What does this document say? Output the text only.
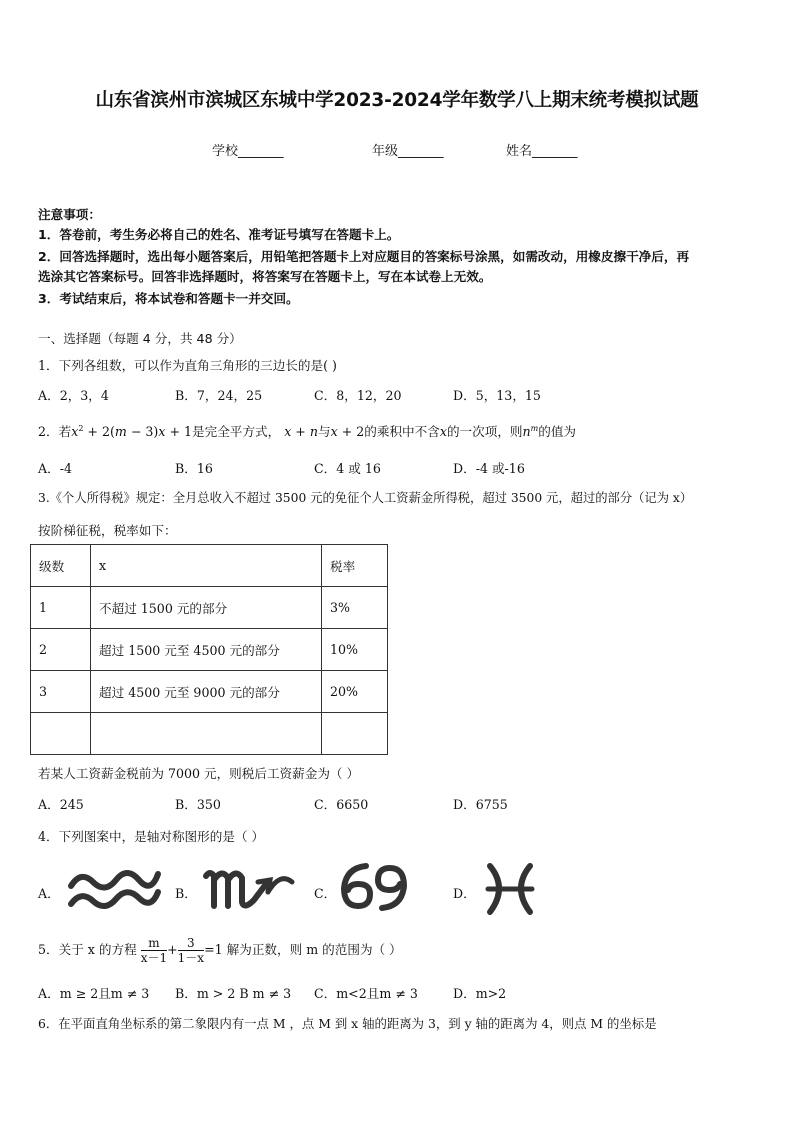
山东省滨州市滨城区东城中学2023-2024学年数学八上期末统考模拟试题
学校_______	年级_______	姓名_______
注意事项：
1．答卷前，考生务必将自己的姓名、准考证号填写在答题卡上。
2．回答选择题时，选出每小题答案后，用铅笔把答题卡上对应题目的答案标号涂黑，如需改动，用橡皮擦干净后，再
选涂其它答案标号。回答非选择题时，将答案写在答题卡上，写在本试卷上无效。
3．考试结束后，将本试卷和答题卡一并交回。
一、选择题（每题 4 分，共 48 分）
1．下列各组数，可以作为直角三角形的三边长的是( )
A．2，3，4	B．7，24，25	C．8，12，20	D．5，13，15
2．若$x^2 + 2(m - 3)x + 1$是完全平方式， x + n与x + 2的乘积中不含x的一次项，则$n^m$的值为
A．-4	B．16	C．4 或 16	D．-4 或-16
3.《个人所得税》规定：全月总收入不超过 3500 元的免征个人工资薪金所得税，超过 3500 元，超过的部分（记为 x）
按阶梯征税，税率如下：
级数	x	税率
1	不超过 1500 元的部分	3%
2	超过 1500 元至 4500 元的部分	10%
3	超过 4500 元至 9000 元的部分	20%

若某人工资薪金税前为 7000 元，则税后工资薪金为（ ）
A．245	B．350	C．6650	D．6755
4．下列图案中，是轴对称图形的是（ ）
A．	B．	C．	D．
5．关于 x 的方程 $\frac{m}{x-1} + \frac{3}{1-x} =1$ 解为正数，则 m 的范围为（ ）
A．m ≥ 2且m ≠ 3 B．m > 2 B m ≠ 3 C．m<2且m ≠ 3	D．m>2
6．在平面直角坐标系的第二象限内有一点 M ，点 M 到 x 轴的距离为 3，到 y 轴的距离为 4，则点 M 的坐标是
